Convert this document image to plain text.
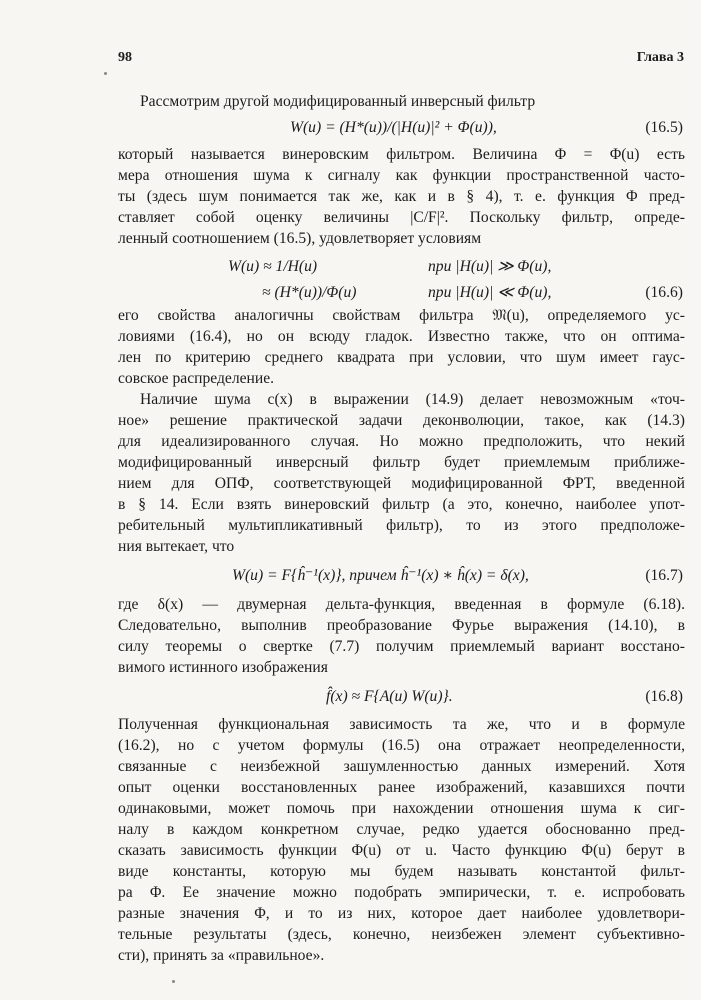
98	Глава 3
Рассмотрим другой модифицированный инверсный фильтр
W(u) = (H*(u))/(|H(u)|² + Φ(u)),	(16.5)
который называется винеровским фильтром. Величина Φ = Φ(u) есть
мера отношения шума к сигналу как функции пространственной часто-
ты (здесь шум понимается так же, как и в § 4), т. е. функция Φ пред-
ставляет собой оценку величины |C/F|². Поскольку фильтр, опреде-
ленный соотношением (16.5), удовлетворяет условиям
W(u) ≈ 1/H(u)	при |H(u)| ≫ Φ(u),
≈ (H*(u))/Φ(u)	при |H(u)| ≪ Φ(u),	(16.6)
его свойства аналогичны свойствам фильтра 𝔐(u), определяемого ус-
ловиями (16.4), но он всюду гладок. Известно также, что он оптима-
лен по критерию среднего квадрата при условии, что шум имеет гаус-
совское распределение.
Наличие шума c(x) в выражении (14.9) делает невозможным «точ-
ное» решение практической задачи деконволюции, такое, как (14.3)
для идеализированного случая. Но можно предположить, что некий
модифицированный инверсный фильтр будет приемлемым приближе-
нием для ОПФ, соответствующей модифицированной ФРТ, введенной
в § 14. Если взять винеровский фильтр (а это, конечно, наиболее упот-
ребительный мультипликативный фильтр), то из этого предположе-
ния вытекает, что
W(u) = F{ĥ⁻¹(x)}, причем ĥ⁻¹(x) ∗ ĥ(x) = δ(x),	(16.7)
где δ(x) — двумерная дельта-функция, введенная в формуле (6.18).
Следовательно, выполнив преобразование Фурье выражения (14.10), в
силу теоремы о свертке (7.7) получим приемлемый вариант восстано-
вимого истинного изображения
f̂(x) ≈ F{A(u) W(u)}.	(16.8)
Полученная функциональная зависимость та же, что и в формуле
(16.2), но с учетом формулы (16.5) она отражает неопределенности,
связанные с неизбежной зашумленностью данных измерений. Хотя
опыт оценки восстановленных ранее изображений, казавшихся почти
одинаковыми, может помочь при нахождении отношения шума к сиг-
налу в каждом конкретном случае, редко удается обоснованно пред-
сказать зависимость функции Φ(u) от u. Часто функцию Φ(u) берут в
виде константы, которую мы будем называть константой фильт-
ра Φ. Ее значение можно подобрать эмпирически, т. е. испробовать
разные значения Φ, и то из них, которое дает наиболее удовлетвори-
тельные результаты (здесь, конечно, неизбежен элемент субъективно-
сти), принять за «правильное».
